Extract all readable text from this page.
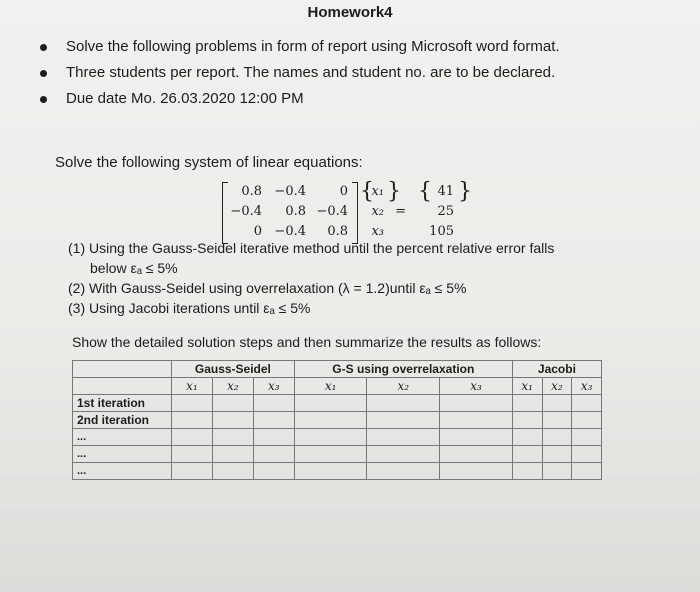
Homework4
Solve the following problems in form of report using Microsoft word format.
Three students per report. The names and student no. are to be declared.
Due date Mo. 26.03.2020 12:00 PM
Solve the following system of linear equations:
0.8 −0.4	0
−0.4	0.8 −0.4
0 −0.4	0.8
{
x₁
x₂
x₃
}
=
{ 41
25
105
}
(1) Using the Gauss-Seidel iterative method until the percent relative error falls
below εₐ ≤ 5%
(2) With Gauss-Seidel using overrelaxation (λ = 1.2)until εₐ ≤ 5%
(3) Using Jacobi iterations until εₐ ≤ 5%
Show the detailed solution steps and then summarize the results as follows:
	Gauss-Seidel			G-S using overrelaxation			Jacobi		
	x₁	x₂	x₃	x₁	x₂	x₃	x₁	x₂	x₃
1st iteration									
2nd iteration									
...									
...									
...									
